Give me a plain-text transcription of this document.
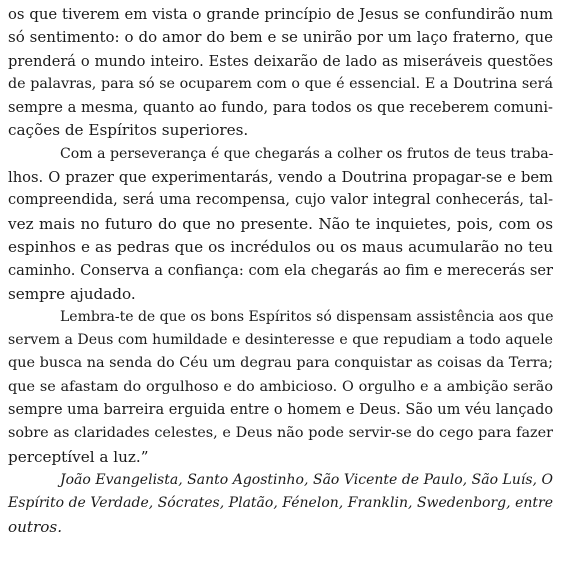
os que tiverem em vista o grande princípio de Jesus se confundirão num
só sentimento: o do amor do bem e se unirão por um laço fraterno, que
prenderá o mundo inteiro. Estes deixarão de lado as miseráveis questões
de palavras, para só se ocuparem com o que é essencial. E a Doutrina será
sempre a mesma, quanto ao fundo, para todos os que receberem comuni-
cações de Espíritos superiores.
Com a perseverança é que chegarás a colher os frutos de teus traba-
lhos. O prazer que experimentarás, vendo a Doutrina propagar-se e bem
compreendida, será uma recompensa, cujo valor integral conhecerás, tal-
vez mais no futuro do que no presente. Não te inquietes, pois, com os
espinhos e as pedras que os incrédulos ou os maus acumularão no teu
caminho. Conserva a confiança: com ela chegarás ao fim e merecerás ser
sempre ajudado.
Lembra-te de que os bons Espíritos só dispensam assistência aos que
servem a Deus com humildade e desinteresse e que repudiam a todo aquele
que busca na senda do Céu um degrau para conquistar as coisas da Terra;
que se afastam do orgulhoso e do ambicioso. O orgulho e a ambição serão
sempre uma barreira erguida entre o homem e Deus. São um véu lançado
sobre as claridades celestes, e Deus não pode servir-se do cego para fazer
perceptível a luz.”
João Evangelista, Santo Agostinho, São Vicente de Paulo, São Luís, O
Espírito de Verdade, Sócrates, Platão, Fénelon, Franklin, Swedenborg, entre
outros.
